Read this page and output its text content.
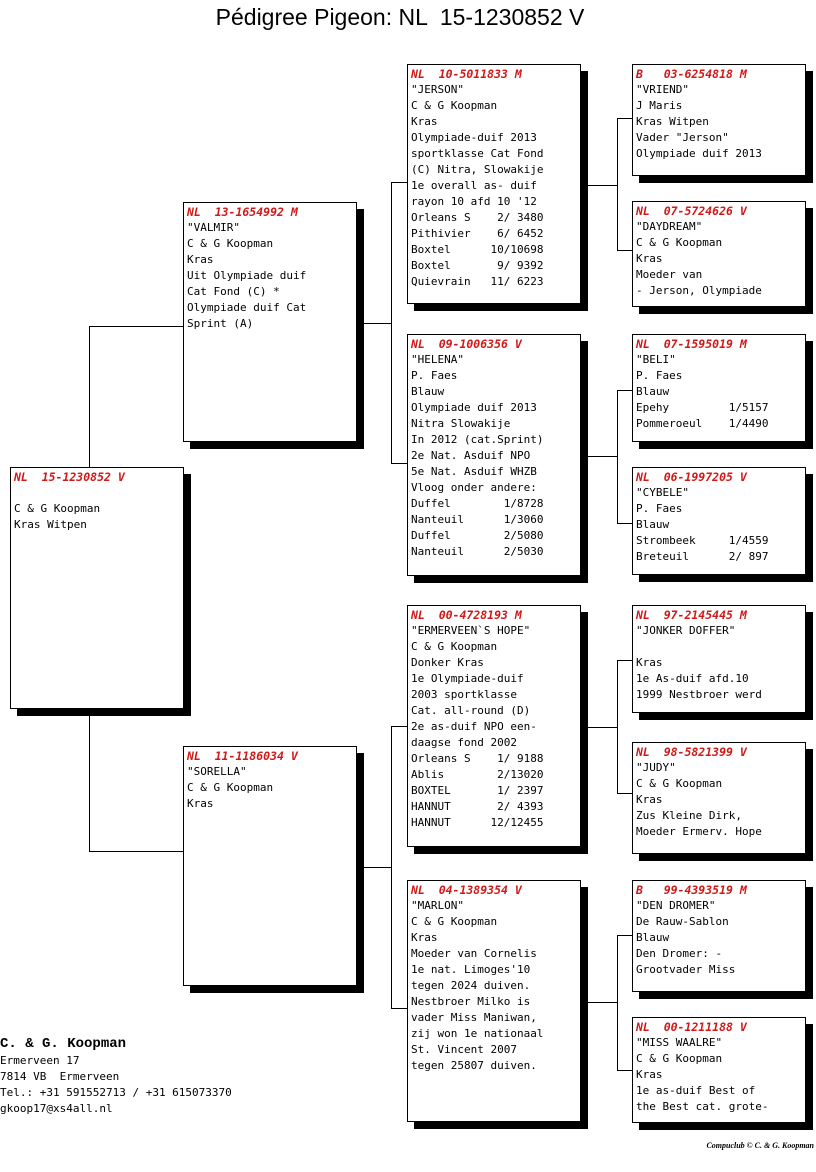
Pédigree Pigeon: NL  15-1230852 V
NL  15-1230852 V

C & G Koopman
Kras Witpen
NL  13-1654992 M
"VALMIR"
C & G Koopman
Kras
Uit Olympiade duif
Cat Fond (C) *
Olympiade duif Cat
Sprint (A)
NL  11-1186034 V
"SORELLA"
C & G Koopman
Kras
NL  10-5011833 M
"JERSON"
C & G Koopman
Kras
Olympiade-duif 2013
sportklasse Cat Fond
(C) Nitra, Slowakije
1e overall as- duif
rayon 10 afd 10 '12
Orleans S    2/ 3480
Pithivier    6/ 6452
Boxtel      10/10698
Boxtel       9/ 9392
Quievrain   11/ 6223
NL  09-1006356 V
"HELENA"
P. Faes
Blauw
Olympiade duif 2013
Nitra Slowakije
In 2012 (cat.Sprint)
2e Nat. Asduif NPO
5e Nat. Asduif WHZB
Vloog onder andere:
Duffel        1/8728
Nanteuil      1/3060
Duffel        2/5080
Nanteuil      2/5030
NL  00-4728193 M
"ERMERVEEN`S HOPE"
C & G Koopman
Donker Kras
1e Olympiade-duif
2003 sportklasse
Cat. all-round (D)
2e as-duif NPO een-
daagse fond 2002
Orleans S    1/ 9188
Ablis        2/13020
BOXTEL       1/ 2397
HANNUT       2/ 4393
HANNUT      12/12455
NL  04-1389354 V
"MARLON"
C & G Koopman
Kras
Moeder van Cornelis
1e nat. Limoges'10
tegen 2024 duiven.
Nestbroer Milko is
vader Miss Maniwan,
zij won 1e nationaal
St. Vincent 2007
tegen 25807 duiven.
B   03-6254818 M
"VRIEND"
J Maris
Kras Witpen
Vader "Jerson"
Olympiade duif 2013
NL  07-5724626 V
"DAYDREAM"
C & G Koopman
Kras
Moeder van
- Jerson, Olympiade
NL  07-1595019 M
"BELI"
P. Faes
Blauw
Epehy         1/5157
Pommeroeul    1/4490
NL  06-1997205 V
"CYBELE"
P. Faes
Blauw
Strombeek     1/4559
Breteuil      2/ 897
NL  97-2145445 M
"JONKER DOFFER"

Kras
1e As-duif afd.10
1999 Nestbroer werd
NL  98-5821399 V
"JUDY"
C & G Koopman
Kras
Zus Kleine Dirk,
Moeder Ermerv. Hope
B   99-4393519 M
"DEN DROMER"
De Rauw-Sablon
Blauw
Den Dromer: -
Grootvader Miss
NL  00-1211188 V
"MISS WAALRE"
C & G Koopman
Kras
1e as-duif Best of
the Best cat. grote-
C. & G. Koopman
Ermerveen 17
7814 VB  Ermerveen
Tel.: +31 591552713 / +31 615073370
gkoop17@xs4all.nl
Compuclub © C. & G. Koopman
